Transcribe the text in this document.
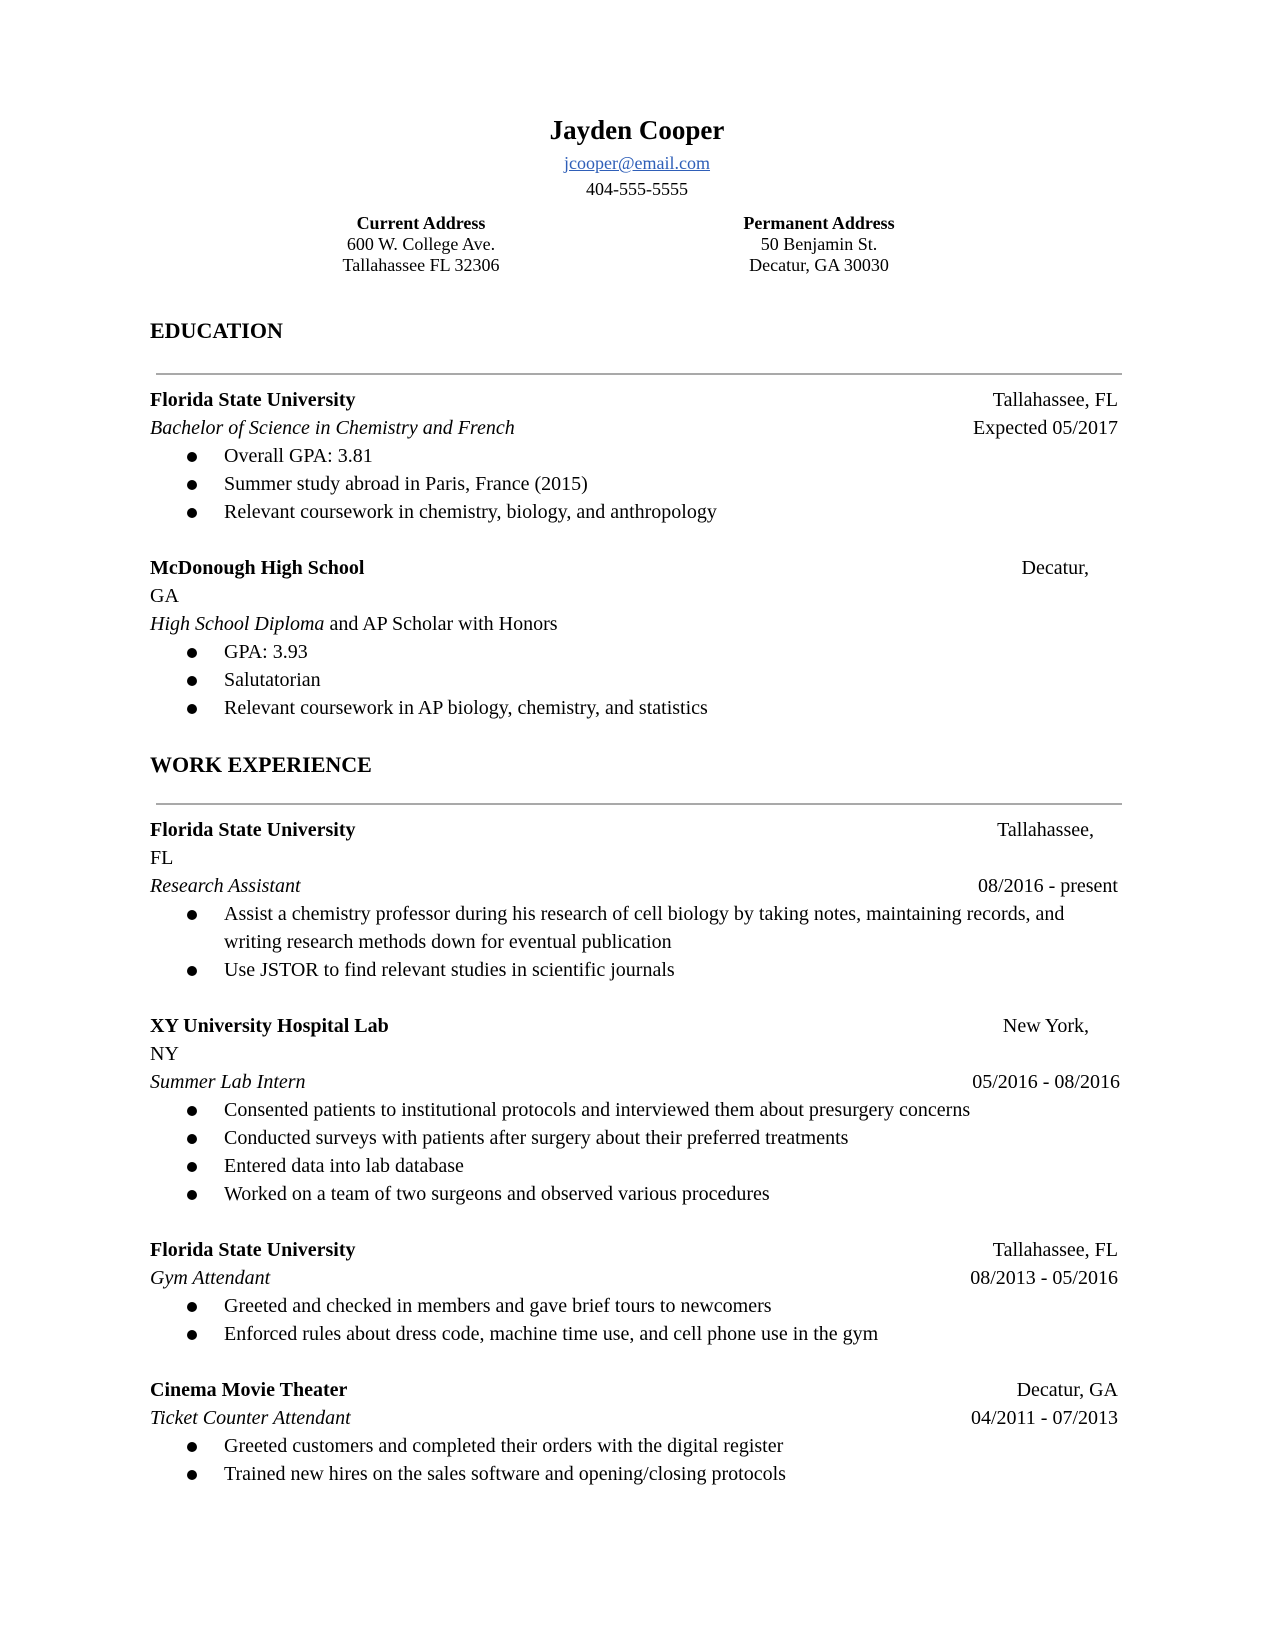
Jayden Cooper
jcooper@email.com
404-555-5555
Current Address
600 W. College Ave.
Tallahassee FL 32306
Permanent Address
50 Benjamin St.
Decatur, GA 30030
EDUCATION
Florida State University	Tallahassee, FL
Bachelor of Science in Chemistry and French	Expected 05/2017
Overall GPA: 3.81
Summer study abroad in Paris, France (2015)
Relevant coursework in chemistry, biology, and anthropology
McDonough High School	Decatur,
GA
High School Diploma and AP Scholar with Honors
GPA: 3.93
Salutatorian
Relevant coursework in AP biology, chemistry, and statistics
WORK EXPERIENCE
Florida State University	Tallahassee,
FL
Research Assistant	08/2016 - present
Assist a chemistry professor during his research of cell biology by taking notes, maintaining records, and
writing research methods down for eventual publication
Use JSTOR to find relevant studies in scientific journals
XY University Hospital Lab	New York,
NY
Summer Lab Intern	05/2016 - 08/2016
Consented patients to institutional protocols and interviewed them about presurgery concerns
Conducted surveys with patients after surgery about their preferred treatments
Entered data into lab database
Worked on a team of two surgeons and observed various procedures
Florida State University	Tallahassee, FL
Gym Attendant	08/2013 - 05/2016
Greeted and checked in members and gave brief tours to newcomers
Enforced rules about dress code, machine time use, and cell phone use in the gym
Cinema Movie Theater	Decatur, GA
Ticket Counter Attendant	04/2011 - 07/2013
Greeted customers and completed their orders with the digital register
Trained new hires on the sales software and opening/closing protocols
